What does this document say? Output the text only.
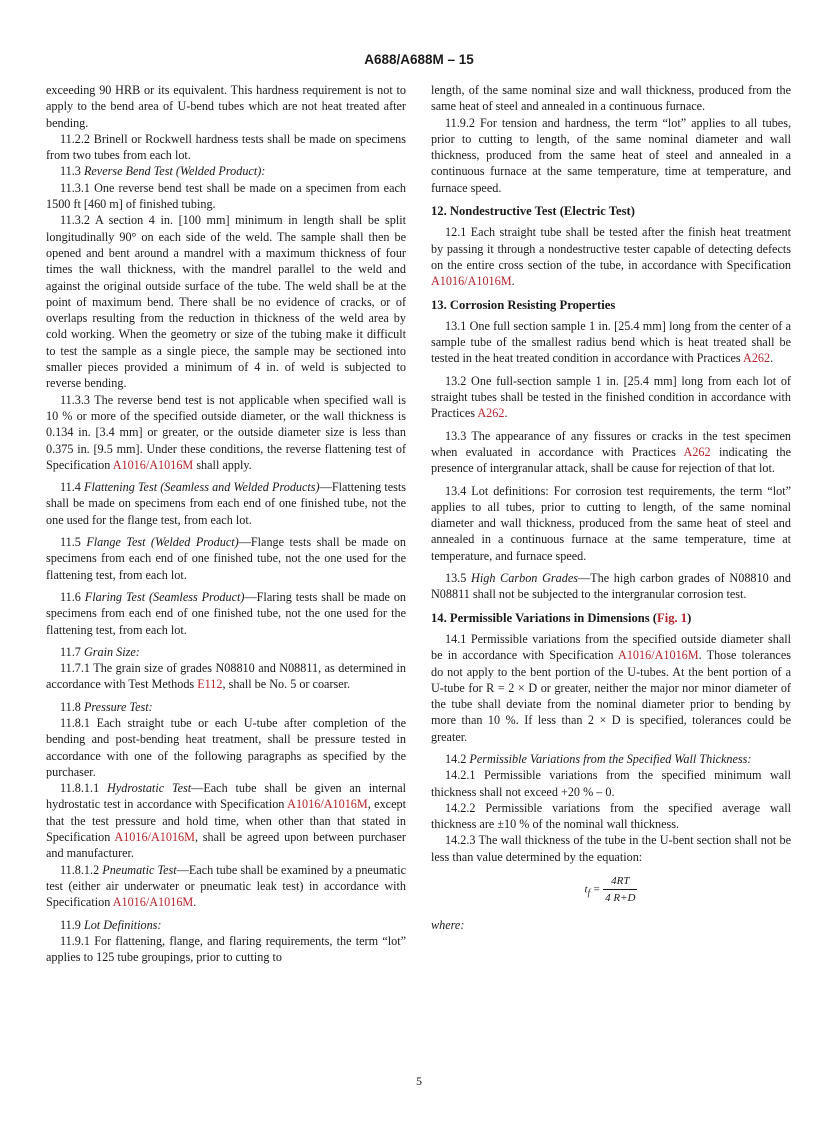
A688/A688M – 15

exceeding 90 HRB or its equivalent. This hardness requirement is not to apply to the bend area of U-bend tubes which are not heat treated after bending.

11.2.2 Brinell or Rockwell hardness tests shall be made on specimens from two tubes from each lot.

11.3 Reverse Bend Test (Welded Product):

11.3.1 One reverse bend test shall be made on a specimen from each 1500 ft [460 m] of finished tubing.

11.3.2 A section 4 in. [100 mm] minimum in length shall be split longitudinally 90° on each side of the weld. The sample shall then be opened and bent around a mandrel with a maximum thickness of four times the wall thickness, with the mandrel parallel to the weld and against the original outside surface of the tube. The weld shall be at the point of maximum bend. There shall be no evidence of cracks, or of overlaps resulting from the reduction in thickness of the weld area by cold working. When the geometry or size of the tubing make it difficult to test the sample as a single piece, the sample may be sectioned into smaller pieces provided a minimum of 4 in. of weld is subjected to reverse bending.

11.3.3 The reverse bend test is not applicable when specified wall is 10 % or more of the specified outside diameter, or the wall thickness is 0.134 in. [3.4 mm] or greater, or the outside diameter size is less than 0.375 in. [9.5 mm]. Under these conditions, the reverse flattening test of Specification A1016/A1016M shall apply.

11.4 Flattening Test (Seamless and Welded Products)—Flattening tests shall be made on specimens from each end of one finished tube, not the one used for the flange test, from each lot.

11.5 Flange Test (Welded Product)—Flange tests shall be made on specimens from each end of one finished tube, not the one used for the flattening test, from each lot.

11.6 Flaring Test (Seamless Product)—Flaring tests shall be made on specimens from each end of one finished tube, not the one used for the flattening test, from each lot.

11.7 Grain Size:

11.7.1 The grain size of grades N08810 and N08811, as determined in accordance with Test Methods E112, shall be No. 5 or coarser.

11.8 Pressure Test:

11.8.1 Each straight tube or each U-tube after completion of the bending and post-bending heat treatment, shall be pressure tested in accordance with one of the following paragraphs as specified by the purchaser.

11.8.1.1 Hydrostatic Test—Each tube shall be given an internal hydrostatic test in accordance with Specification A1016/A1016M, except that the test pressure and hold time, when other than that stated in Specification A1016/A1016M, shall be agreed upon between purchaser and manufacturer.

11.8.1.2 Pneumatic Test—Each tube shall be examined by a pneumatic test (either air underwater or pneumatic leak test) in accordance with Specification A1016/A1016M.

11.9 Lot Definitions:

11.9.1 For flattening, flange, and flaring requirements, the term “lot” applies to 125 tube groupings, prior to cutting to

length, of the same nominal size and wall thickness, produced from the same heat of steel and annealed in a continuous furnace.

11.9.2 For tension and hardness, the term “lot” applies to all tubes, prior to cutting to length, of the same nominal diameter and wall thickness, produced from the same heat of steel and annealed in a continuous furnace at the same temperature, time at temperature, and furnace speed.

12. Nondestructive Test (Electric Test)

12.1 Each straight tube shall be tested after the finish heat treatment by passing it through a nondestructive tester capable of detecting defects on the entire cross section of the tube, in accordance with Specification A1016/A1016M.

13. Corrosion Resisting Properties

13.1 One full section sample 1 in. [25.4 mm] long from the center of a sample tube of the smallest radius bend which is heat treated shall be tested in the heat treated condition in accordance with Practices A262.

13.2 One full-section sample 1 in. [25.4 mm] long from each lot of straight tubes shall be tested in the finished condition in accordance with Practices A262.

13.3 The appearance of any fissures or cracks in the test specimen when evaluated in accordance with Practices A262 indicating the presence of intergranular attack, shall be cause for rejection of that lot.

13.4 Lot definitions: For corrosion test requirements, the term “lot” applies to all tubes, prior to cutting to length, of the same nominal diameter and wall thickness, produced from the same heat of steel and annealed in a continuous furnace at the same temperature, time at temperature, and furnace speed.

13.5 High Carbon Grades—The high carbon grades of N08810 and N08811 shall not be subjected to the intergranular corrosion test.

14. Permissible Variations in Dimensions (Fig. 1)

14.1 Permissible variations from the specified outside diameter shall be in accordance with Specification A1016/A1016M. Those tolerances do not apply to the bent portion of the U-tubes. At the bent portion of a U-tube for R = 2 × D or greater, neither the major nor minor diameter of the tube shall deviate from the nominal diameter prior to bending by more than 10 %. If less than 2 × D is specified, tolerances could be greater.

14.2 Permissible Variations from the Specified Wall Thickness:

14.2.1 Permissible variations from the specified minimum wall thickness shall not exceed +20 % – 0.

14.2.2 Permissible variations from the specified average wall thickness are ±10 % of the nominal wall thickness.

14.2.3 The wall thickness of the tube in the U-bent section shall not be less than value determined by the equation:

$t_f = \frac{4RT}{4 R+D}$
where:
5
